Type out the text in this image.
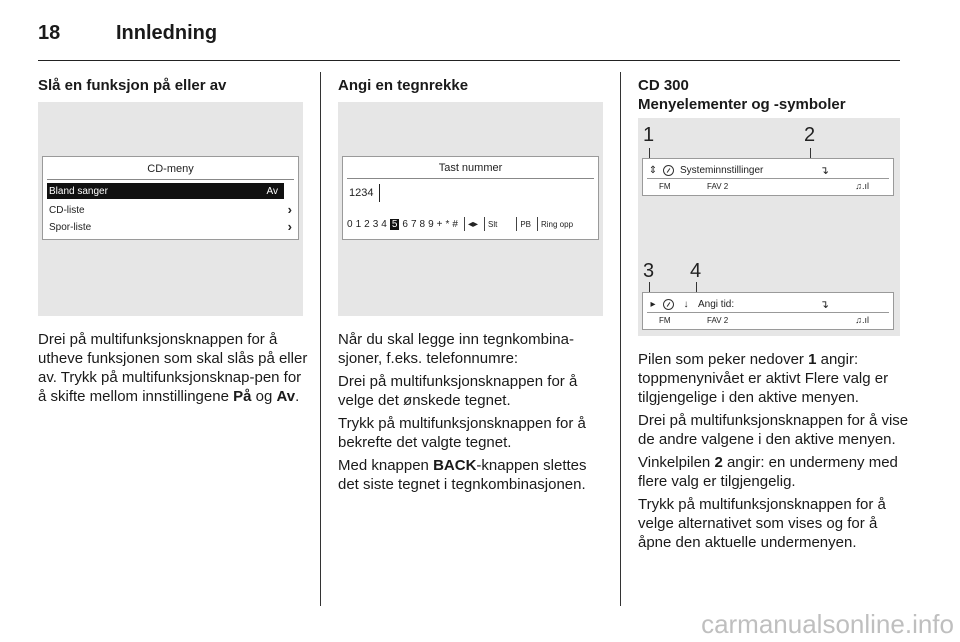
18	Innledning
Slå en funksjon på eller av
CD-meny
Bland sanger	Av
CD-liste	›
Spor-liste	›

Drei på multifunksjonsknappen for å utheve funksjonen som skal slås på eller av. Trykk på multifunksjonsknap-pen for å skifte mellom innstillingene På og Av.

Angi en tegnrekke
Tast nummer
1234
0 1 2 3 4 5 6 7 8 9 + * # ◂▸ Slt	PB Ring opp

Når du skal legge inn tegnkombina-sjoner, f.eks. telefonnumre:

Drei på multifunksjonsknappen for å velge det ønskede tegnet.

Trykk på multifunksjonsknappen for å bekrefte det valgte tegnet.

Med knappen BACK-knappen slettes det siste tegnet i tegnkombinasjonen.

CD 300
Menyelementer og -symboler
1	2
⇕ Systeminnstillinger	↴
FM	FAV 2	♫.ıl
3 4
▸	↓ Angi tid:	↴
FM	FAV 2	♫.ıl

Pilen som peker nedover 1 angir: toppmenynivået er aktivt Flere valg er tilgjengelige i den aktive menyen.

Drei på multifunksjonsknappen for å vise de andre valgene i den aktive menyen.

Vinkelpilen 2 angir: en undermeny med flere valg er tilgjengelig.

Trykk på multifunksjonsknappen for å velge alternativet som vises og for å åpne den aktuelle undermenyen.

carmanualsonline.info
